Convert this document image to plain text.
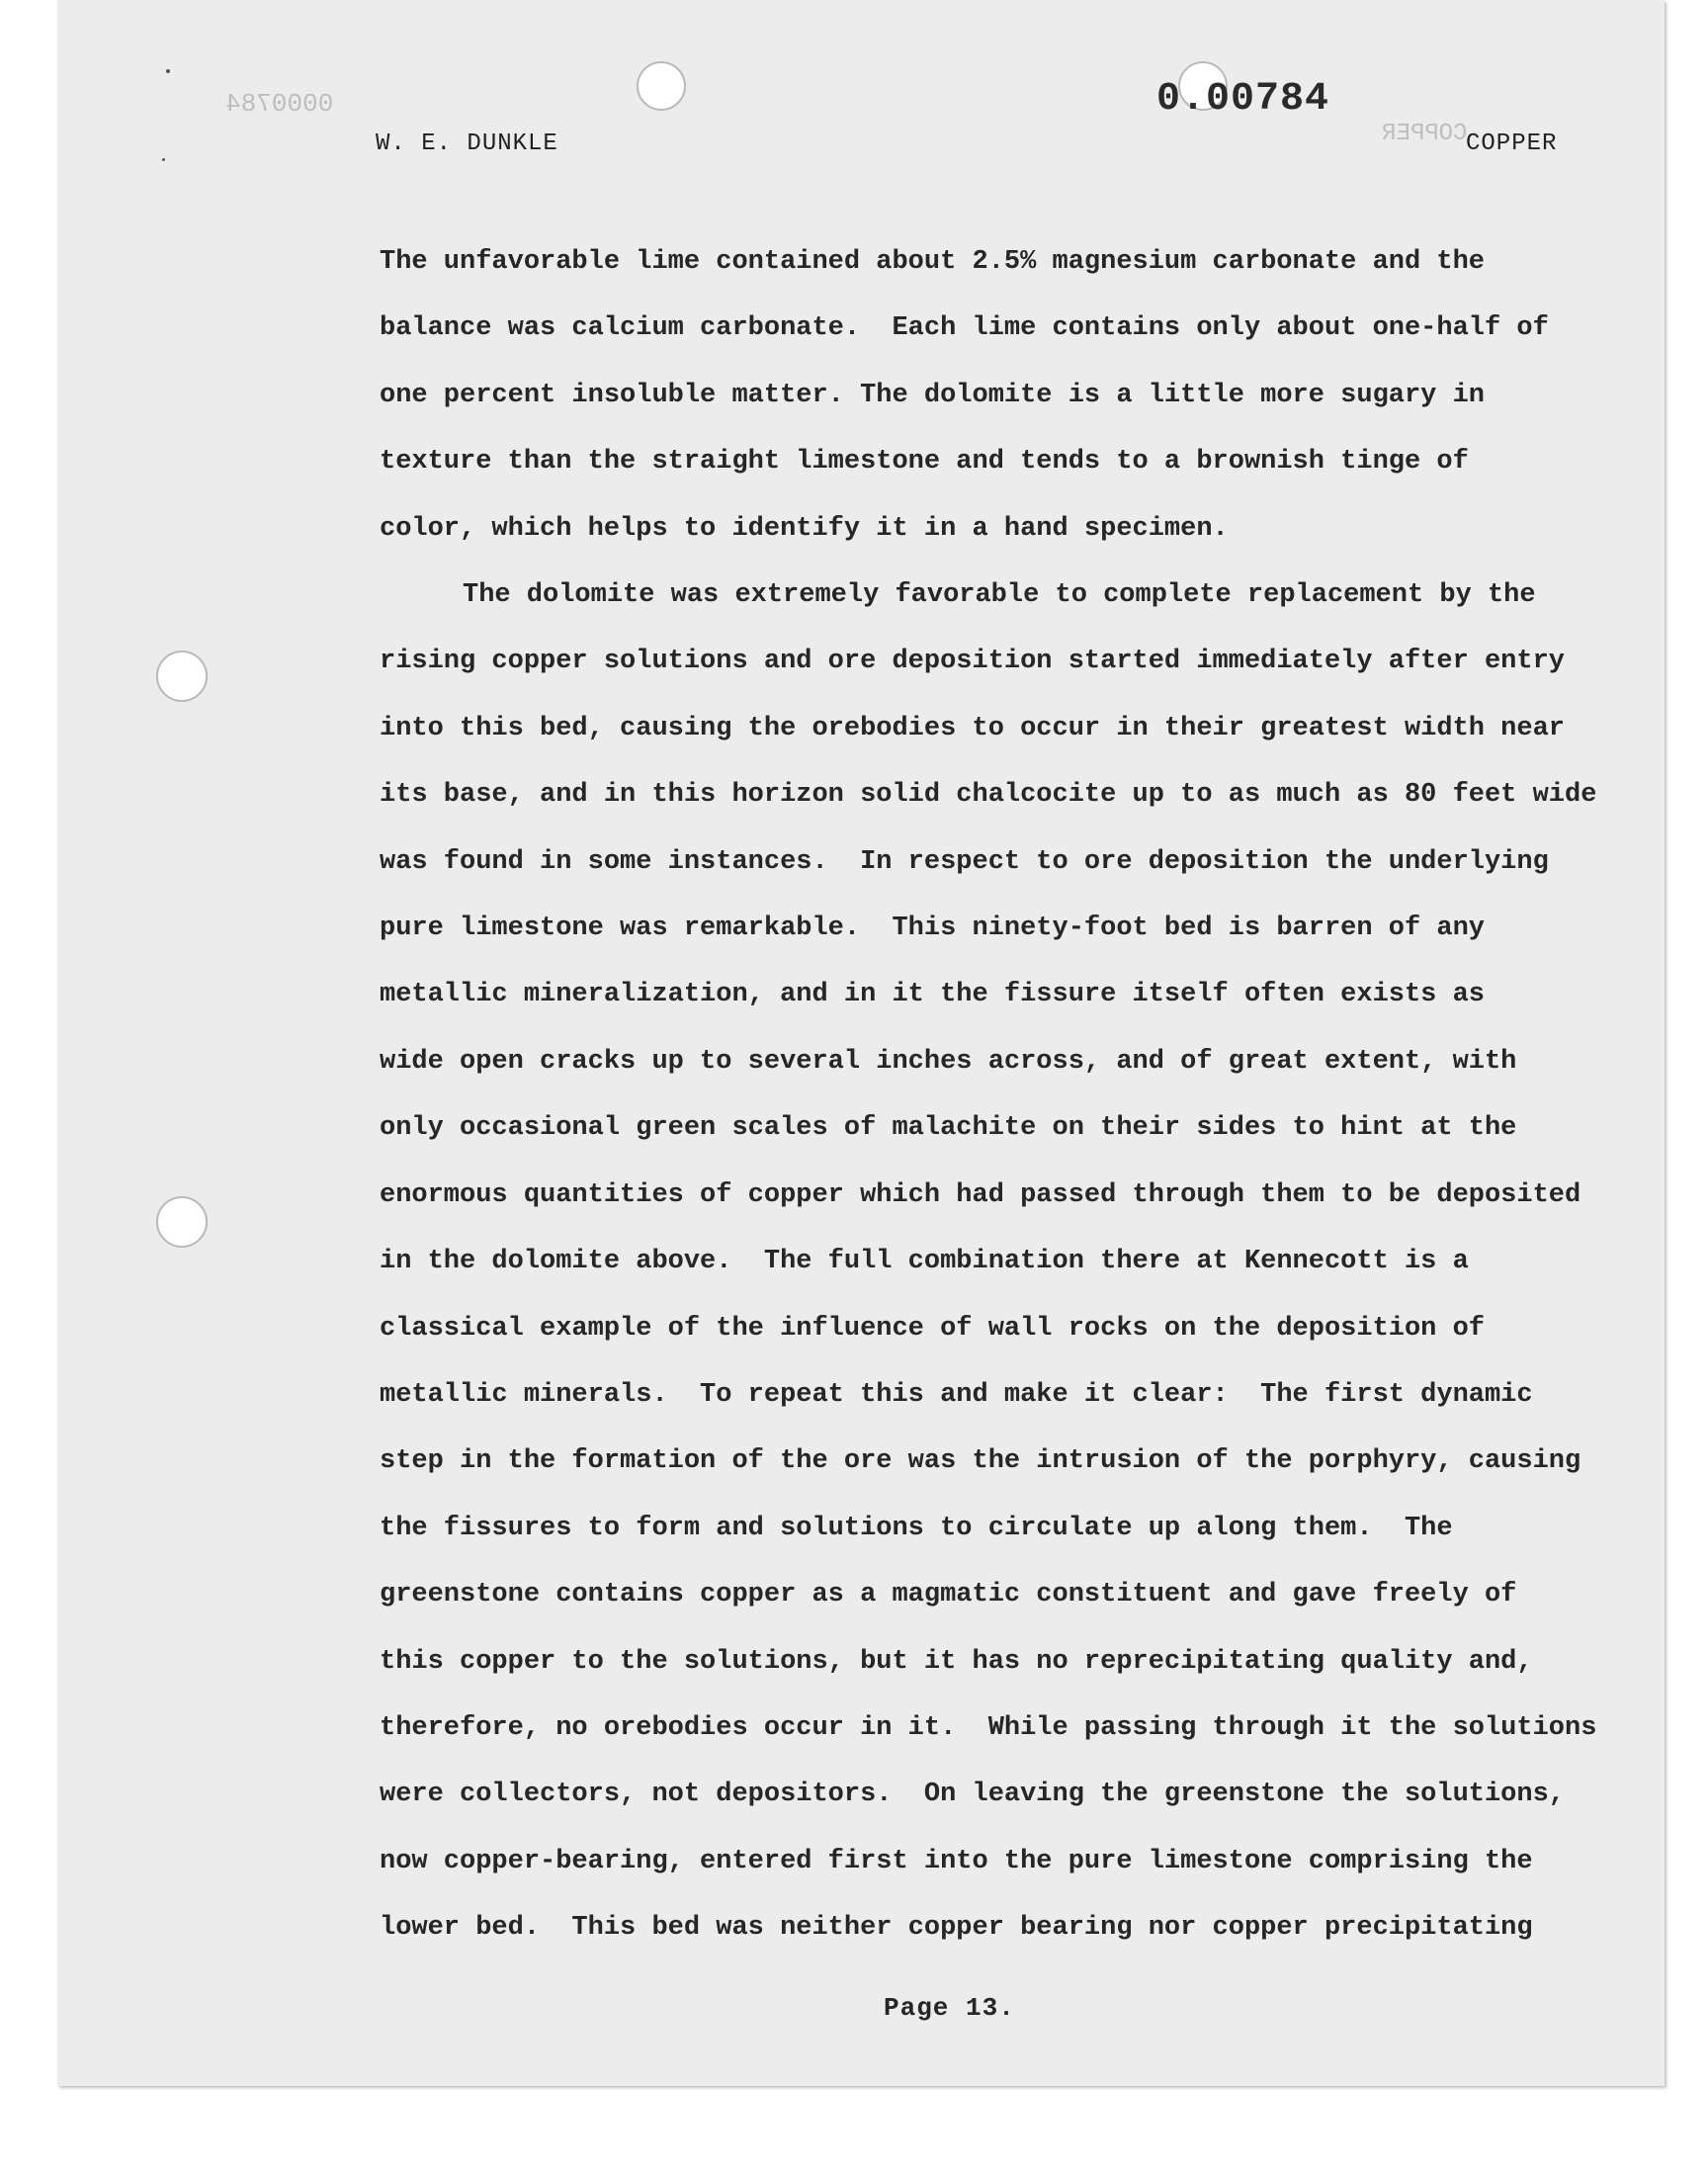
0000784
COPPER
0.00784
W. E. DUNKLE	COPPER
The unfavorable lime contained about 2.5% magnesium carbonate and the
balance was calcium carbonate.  Each lime contains only about one-half of
one percent insoluble matter. The dolomite is a little more sugary in
texture than the straight limestone and tends to a brownish tinge of
color, which helps to identify it in a hand specimen.
The dolomite was extremely favorable to complete replacement by the
rising copper solutions and ore deposition started immediately after entry
into this bed, causing the orebodies to occur in their greatest width near
its base, and in this horizon solid chalcocite up to as much as 80 feet wide
was found in some instances.  In respect to ore deposition the underlying
pure limestone was remarkable.  This ninety-foot bed is barren of any
metallic mineralization, and in it the fissure itself often exists as
wide open cracks up to several inches across, and of great extent, with
only occasional green scales of malachite on their sides to hint at the
enormous quantities of copper which had passed through them to be deposited
in the dolomite above.  The full combination there at Kennecott is a
classical example of the influence of wall rocks on the deposition of
metallic minerals.  To repeat this and make it clear:  The first dynamic
step in the formation of the ore was the intrusion of the porphyry, causing
the fissures to form and solutions to circulate up along them.  The
greenstone contains copper as a magmatic constituent and gave freely of
this copper to the solutions, but it has no reprecipitating quality and,
therefore, no orebodies occur in it.  While passing through it the solutions
were collectors, not depositors.  On leaving the greenstone the solutions,
now copper-bearing, entered first into the pure limestone comprising the
lower bed.  This bed was neither copper bearing nor copper precipitating
Page 13.
